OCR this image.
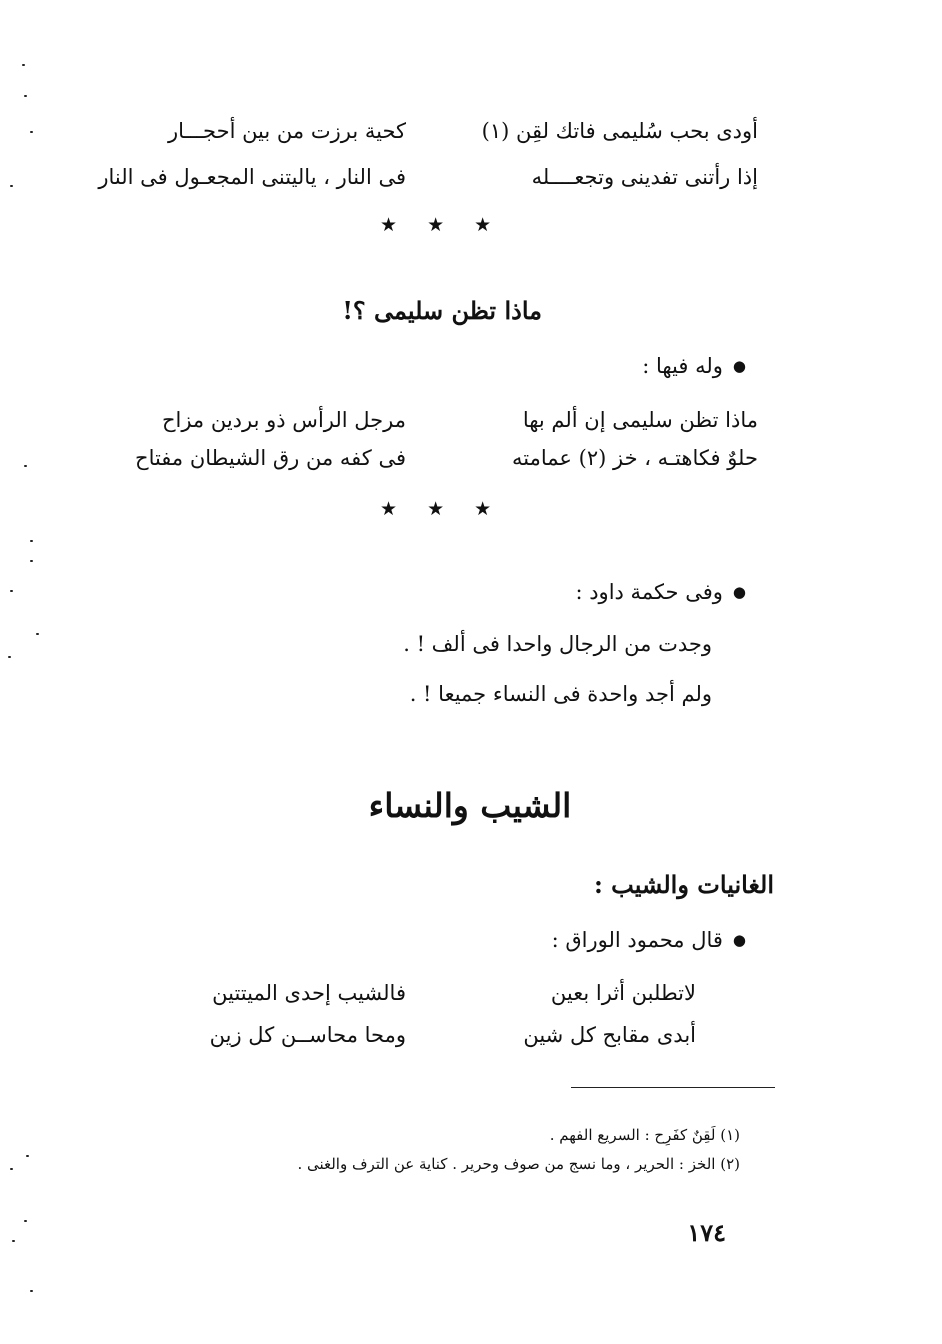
أودى بحب سُليمى فاتك لقِن (١)
كحية برزت من بين أحجـــار
إذا رأتنى تفدينى وتجعــــله
فى النار ، ياليتنى المجعـول فى النار
★ ★ ★
ماذا تظن سليمى ؟!
●وله فيها :
ماذا تظن سليمى إن ألم بها
مرجل الرأس ذو بردين مزاح
حلوٌ فكاهتـه ، خز (٢) عمامته
فى كفه من رق الشيطان مفتاح
★ ★ ★
●وفى حكمة داود :
وجدت من الرجال واحدا فى ألف ! .
ولم أجد واحدة فى النساء جميعا ! .
الشيب والنساء
الغانيات والشيب :
●قال محمود الوراق :
لاتطلبن أثرا بعين
فالشيب إحدى الميتتين
أبدى مقابح كل شين
ومحا محاســن كل زين
(١) لَقِنٌ كفَرِح : السريع الفهم .
(٢) الخز : الحرير ، وما نسج من صوف وحرير . كناية عن الترف والغنى .
١٧٤
